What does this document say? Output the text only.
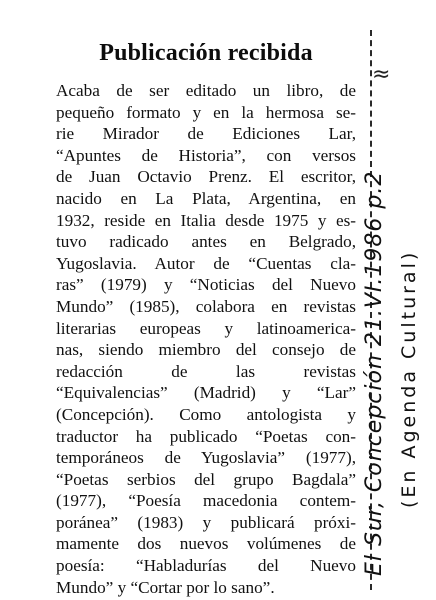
Publicación recibida
Acaba de ser editado un libro, de
pequeño formato y en la hermosa se-
rie Mirador de Ediciones Lar,
“Apuntes de Historia”, con versos
de Juan Octavio Prenz. El escritor,
nacido en La Plata, Argentina, en
1932, reside en Italia desde 1975 y es-
tuvo radicado antes en Belgrado,
Yugoslavia. Autor de “Cuentas cla-
ras” (1979) y “Noticias del Nuevo
Mundo” (1985), colabora en revistas
literarias europeas y latinoamerica-
nas, siendo miembro del consejo de
redacción de las revistas
“Equivalencias” (Madrid) y “Lar”
(Concepción). Como antologista y
traductor ha publicado “Poetas con-
temporáneos de Yugoslavia” (1977),
“Poetas serbios del grupo Bagdala”
(1977), “Poesía macedonia contem-
poránea” (1983) y publicará próxi-
mamente dos nuevos volúmenes de
poesía: “Habladurías del Nuevo
Mundo” y “Cortar por lo sano”.
≈
El Sur, Concepción 21.VI.1986 p.2 (En Agenda Cultural)
